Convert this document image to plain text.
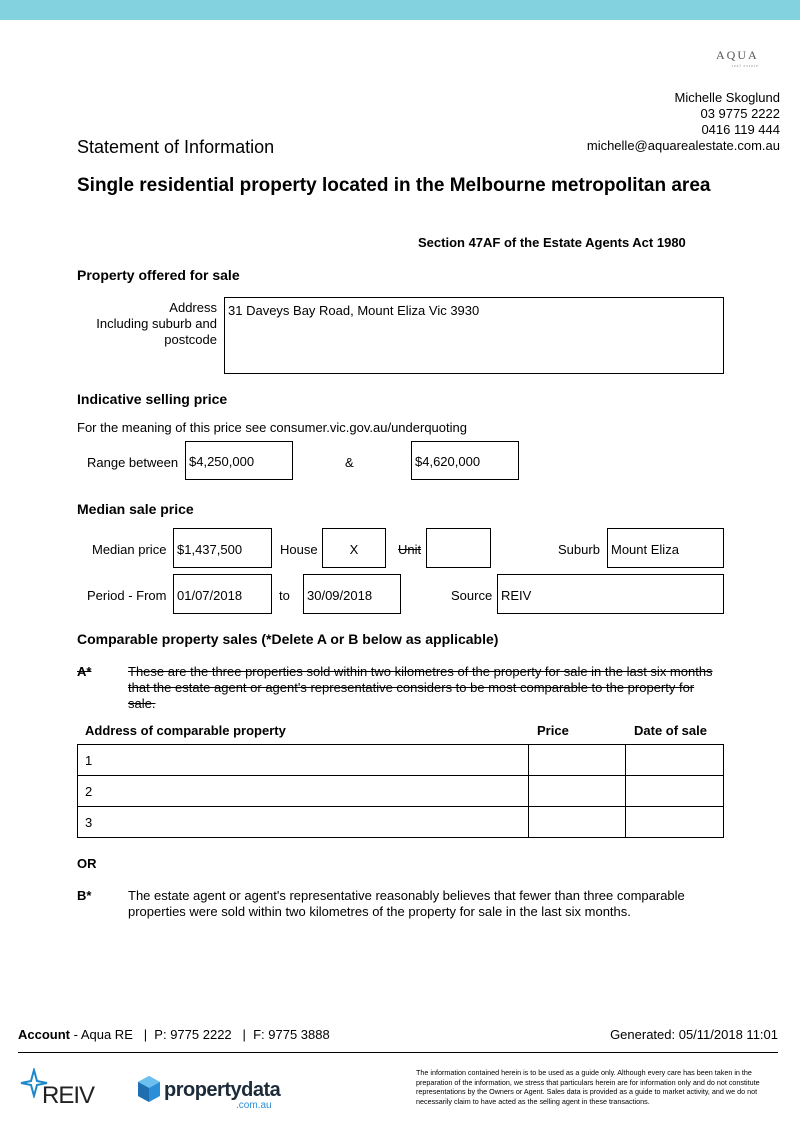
AQUA
real estate
Michelle Skoglund
03 9775 2222
0416 119 444
michelle@aquarealestate.com.au
Statement of Information
Single residential property located in the Melbourne metropolitan area
Section 47AF of the Estate Agents Act 1980
Property offered for sale
Address
Including suburb and
postcode
31 Daveys Bay Road, Mount Eliza Vic 3930
Indicative selling price
For the meaning of this price see consumer.vic.gov.au/underquoting
Range between $4,250,000	&	$4,620,000
Median sale price
Median price $1,437,500	House	X	Unit	Suburb Mount Eliza
Period - From 01/07/2018	to	30/09/2018	Source REIV
Comparable property sales (*Delete A or B below as applicable)
A*	These are the three properties sold within two kilometres of the property for sale in the last six months that the estate agent or agent's representative considers to be most comparable to the property for sale.
Address of comparable property	Price	Date of sale
1		
2		
3		
OR
B*	The estate agent or agent's representative reasonably believes that fewer than three comparable properties were sold within two kilometres of the property for sale in the last six months.
Account - Aqua RE   |  P: 9775 2222   |  F: 9775 3888	Generated: 05/11/2018 11:01
REIV	propertydata
.com.au
The information contained herein is to be used as a guide only. Although every care has been taken in the preparation of the information, we stress that particulars herein are for information only and do not constitute representations by the Owners or Agent. Sales data is provided as a guide to market activity, and we do not necessarily claim to have acted as the selling agent in these transactions.
